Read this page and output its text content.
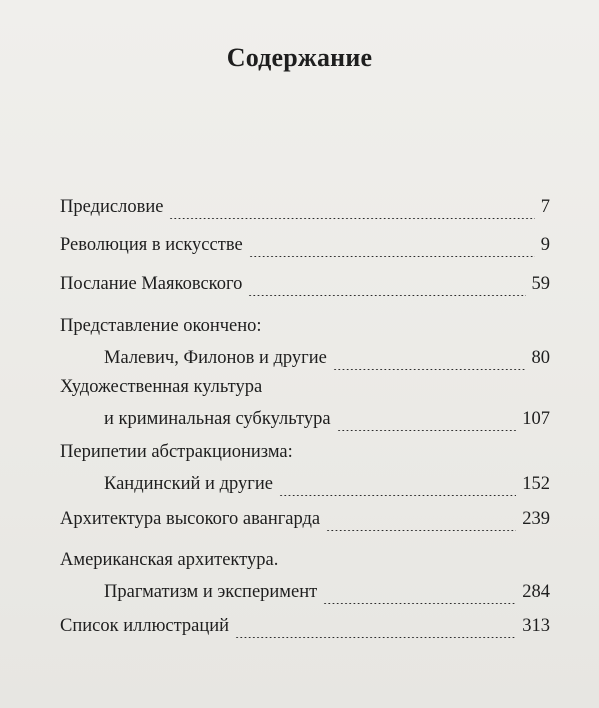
Содержание
Предисловие	7
Революция в искусстве	9
Послание Маяковского	59
Представление окончено:
Малевич, Филонов и другие	80
Художественная культура
и криминальная субкультура	107
Перипетии абстракционизма:
Кандинский и другие	152
Архитектура высокого авангарда	239
Американская архитектура.
Прагматизм и эксперимент	284
Список иллюстраций	313
